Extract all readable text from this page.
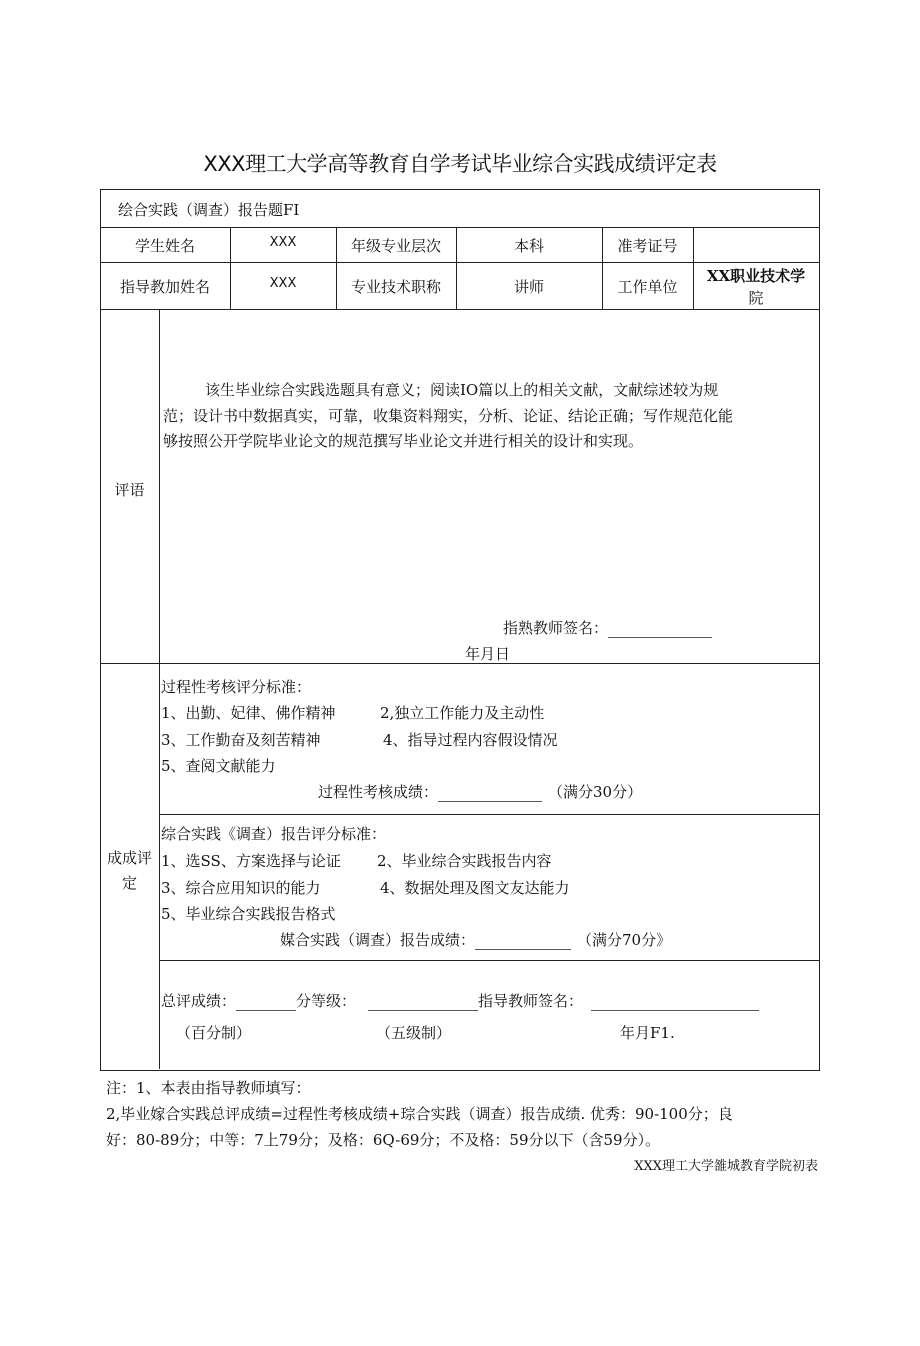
XXX理工大学高等教育自学考试毕业综合实践成绩评定表
绘合实践（调查）报告题FI
学生姓名	XXX	年级专业层次	本科	准考证号
指导教加姓名	XXX	专业技术职称	讲师	工作单位
XX职业技术学
院
评语
该生毕业综合实践选题具有意义；阅读IO篇以上的相关文献，文献综述较为规
范；设计书中数据真实，可靠，收集资料翔实，分析、论证、结论正确；写作规范化能
够按照公开学院毕业论文的规范撰写毕业论文并进行相关的设计和实现。
指熟教师签名：
年月日
成成评
定
过程性考核评分标准：
1、出勤、妃律、佛作精神	2,独立工作能力及主动性
3、工作勤奋及刻苦精神	4、指导过程内容假设情况
5、查阅文献能力
过程性考核成绩：	（满分30分）
综合实践《调查）报告评分标准：
1、选SS、方案选择与论证 2、毕业综合实践报告内容
3、综合应用知识的能力	4、数据处理及图文友达能力
5、毕业综合实践报告格式
媒合实践（调查）报告成绩：	（满分70分》
总评成绩：	分等级：	指导教师签名：
（百分制）	（五级制）	年月F1.
注：1、本表由指导教师填写：
2,毕业嫁合实践总评成绩=过程性考核成绩+琮合实践（调查）报告成绩. 优秀：90-100分；良
好：80-89分；中等：7上79分；及格：6Q-69分；不及格：59分以下（含59分）。
XXX理工大学雒城教育学院初表
